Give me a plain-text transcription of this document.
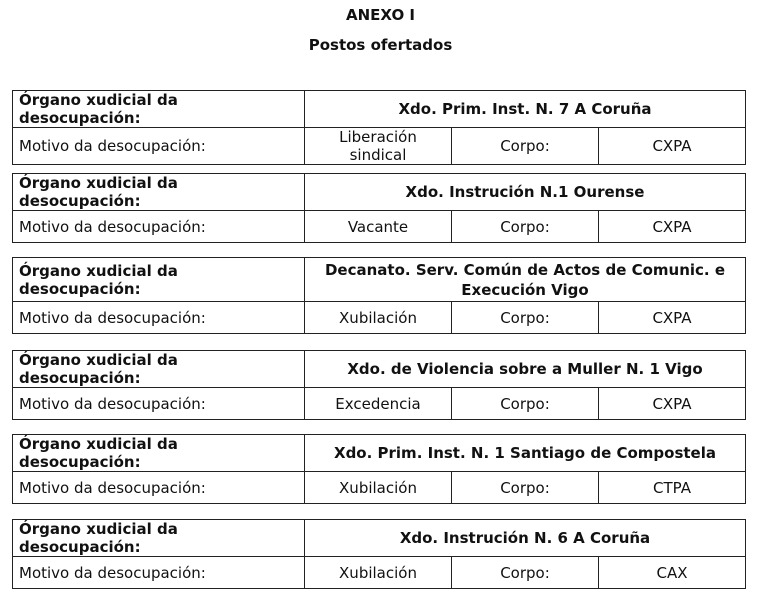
ANEXO I
Postos ofertados
Órgano xudicial da desocupación:	Xdo. Prim. Inst. N. 7 A Coruña		
Motivo da desocupación:	Liberación sindical	Corpo:	CXPA
Órgano xudicial da desocupación:	Xdo. Instrución N.1 Ourense		
Motivo da desocupación:	Vacante	Corpo:	CXPA
Órgano xudicial da desocupación:	Decanato. Serv. Común de Actos de Comunic. e Execución Vigo		
Motivo da desocupación:	Xubilación	Corpo:	CXPA
Órgano xudicial da desocupación:	Xdo. de Violencia sobre a Muller N. 1 Vigo		
Motivo da desocupación:	Excedencia	Corpo:	CXPA
Órgano xudicial da desocupación:	Xdo. Prim. Inst. N. 1 Santiago de Compostela		
Motivo da desocupación:	Xubilación	Corpo:	CTPA
Órgano xudicial da desocupación:	Xdo. Instrución N. 6 A Coruña		
Motivo da desocupación:	Xubilación	Corpo:	CAX
